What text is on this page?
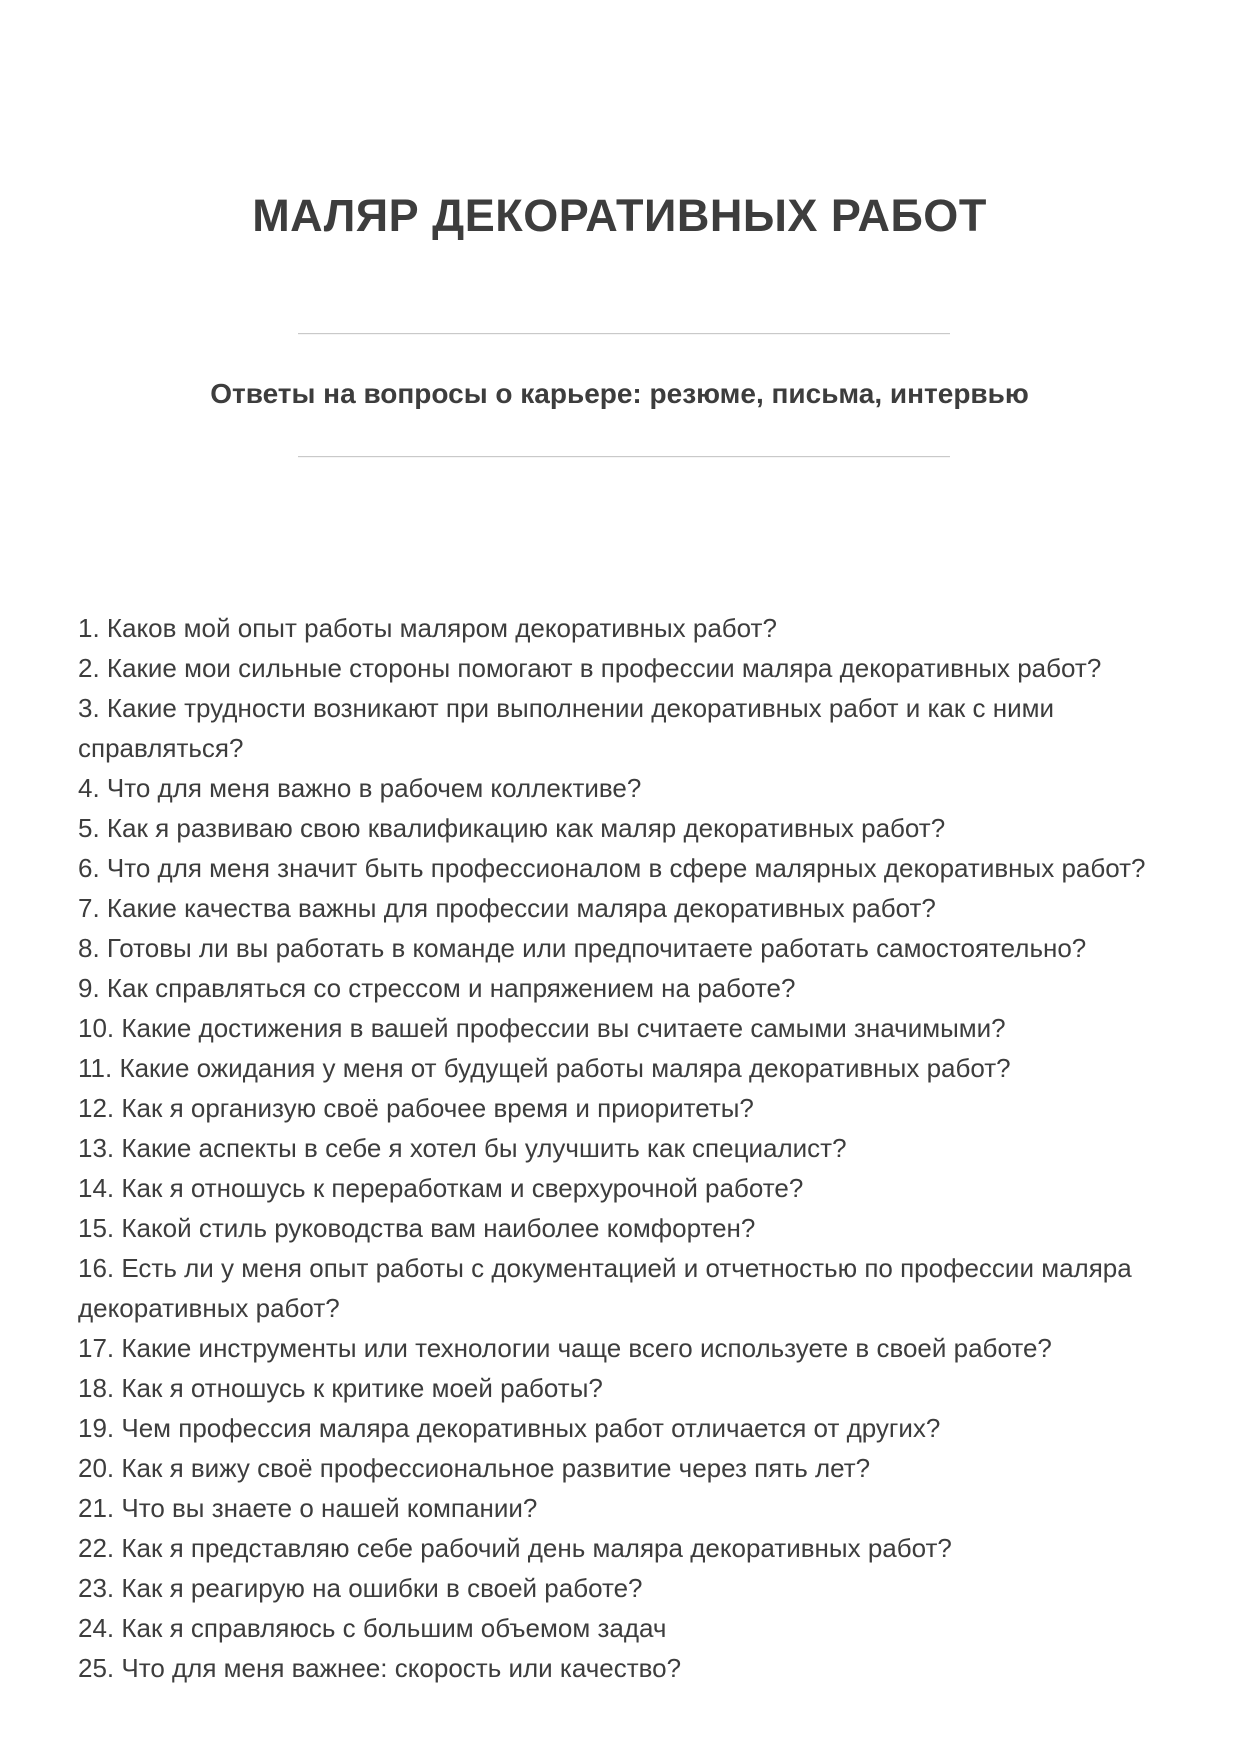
МАЛЯР ДЕКОРАТИВНЫХ РАБОТ
Ответы на вопросы о карьере: резюме, письма, интервью
1. Каков мой опыт работы маляром декоративных работ?
2. Какие мои сильные стороны помогают в профессии маляра декоративных работ?
3. Какие трудности возникают при выполнении декоративных работ и как с ними
справляться?
4. Что для меня важно в рабочем коллективе?
5. Как я развиваю свою квалификацию как маляр декоративных работ?
6. Что для меня значит быть профессионалом в сфере малярных декоративных работ?
7. Какие качества важны для профессии маляра декоративных работ?
8. Готовы ли вы работать в команде или предпочитаете работать самостоятельно?
9. Как справляться со стрессом и напряжением на работе?
10. Какие достижения в вашей профессии вы считаете самыми значимыми?
11. Какие ожидания у меня от будущей работы маляра декоративных работ?
12. Как я организую своё рабочее время и приоритеты?
13. Какие аспекты в себе я хотел бы улучшить как специалист?
14. Как я отношусь к переработкам и сверхурочной работе?
15. Какой стиль руководства вам наиболее комфортен?
16. Есть ли у меня опыт работы с документацией и отчетностью по профессии маляра
декоративных работ?
17. Какие инструменты или технологии чаще всего используете в своей работе?
18. Как я отношусь к критике моей работы?
19. Чем профессия маляра декоративных работ отличается от других?
20. Как я вижу своё профессиональное развитие через пять лет?
21. Что вы знаете о нашей компании?
22. Как я представляю себе рабочий день маляра декоративных работ?
23. Как я реагирую на ошибки в своей работе?
24. Как я справляюсь с большим объемом задач
25. Что для меня важнее: скорость или качество?
